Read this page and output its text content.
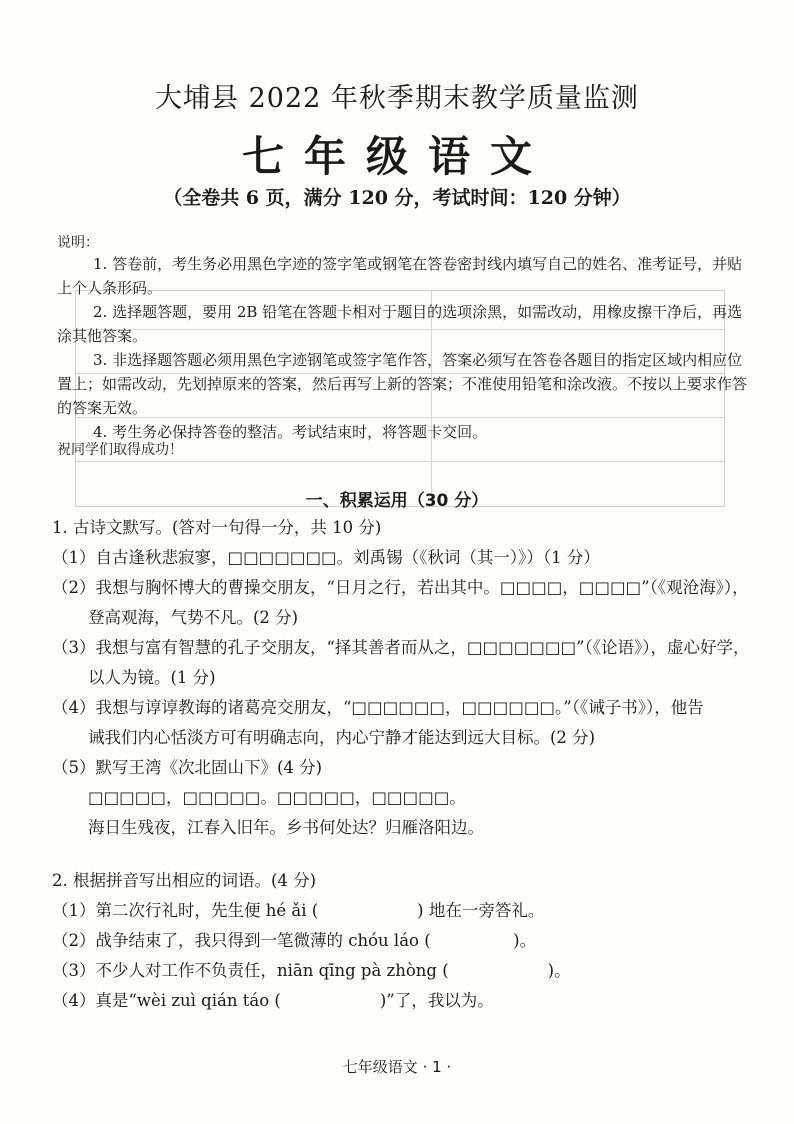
大埔县 2022 年秋季期末教学质量监测
七年级语文
（全卷共 6 页，满分 120 分，考试时间：120 分钟）
说明：

1. 答卷前，考生务必用黑色字迹的签字笔或钢笔在答卷密封线内填写自己的姓名、准考证号，并贴上个人条形码。

2. 选择题答题，要用 2B 铅笔在答题卡相对于题目的选项涂黑，如需改动，用橡皮擦干净后，再选涂其他答案。

3. 非选择题答题必须用黑色字迹钢笔或签字笔作答，答案必须写在答卷各题目的指定区域内相应位置上；如需改动，先划掉原来的答案，然后再写上新的答案；不准使用铅笔和涂改液。不按以上要求作答的答案无效。

4. 考生务必保持答卷的整洁。考试结束时，将答题卡交回。

祝同学们取得成功！
一、积累运用（30 分）

1. 古诗文默写。(答对一句得一分，共 10 分)

（1）自古逢秋悲寂寥，□□□□□□□。刘禹锡（《秋词（其一）》）（1 分）

（2）我想与胸怀博大的曹操交朋友，“日月之行，若出其中。□□□□，□□□□”（《观沧海》），

登高观海，气势不凡。(2 分)

（3）我想与富有智慧的孔子交朋友，“择其善者而从之，□□□□□□□”（《论语》），虚心好学，

以人为镜。(1 分)

（4）我想与谆谆教诲的诸葛亮交朋友，“□□□□□□，□□□□□□。”（《诫子书》），他告

诫我们内心恬淡方可有明确志向，内心宁静才能达到远大目标。(2 分)

（5）默写王湾《次北固山下》(4 分)

□□□□□，□□□□□。□□□□□，□□□□□。

海日生残夜，江春入旧年。乡书何处达？归雁洛阳边。

2. 根据拼音写出相应的词语。(4 分)

（1）第二次行礼时，先生便 hé ǎi (　　　　　　) 地在一旁答礼。

（2）战争结束了，我只得到一笔微薄的 chóu láo (　　　　　)。

（3）不少人对工作不负责任，niān qīng pà zhòng (　　　　　　)。

（4）真是“wèi zuì qián táo (　　　　　　)”了，我以为。

七年级语文 · 1 ·
